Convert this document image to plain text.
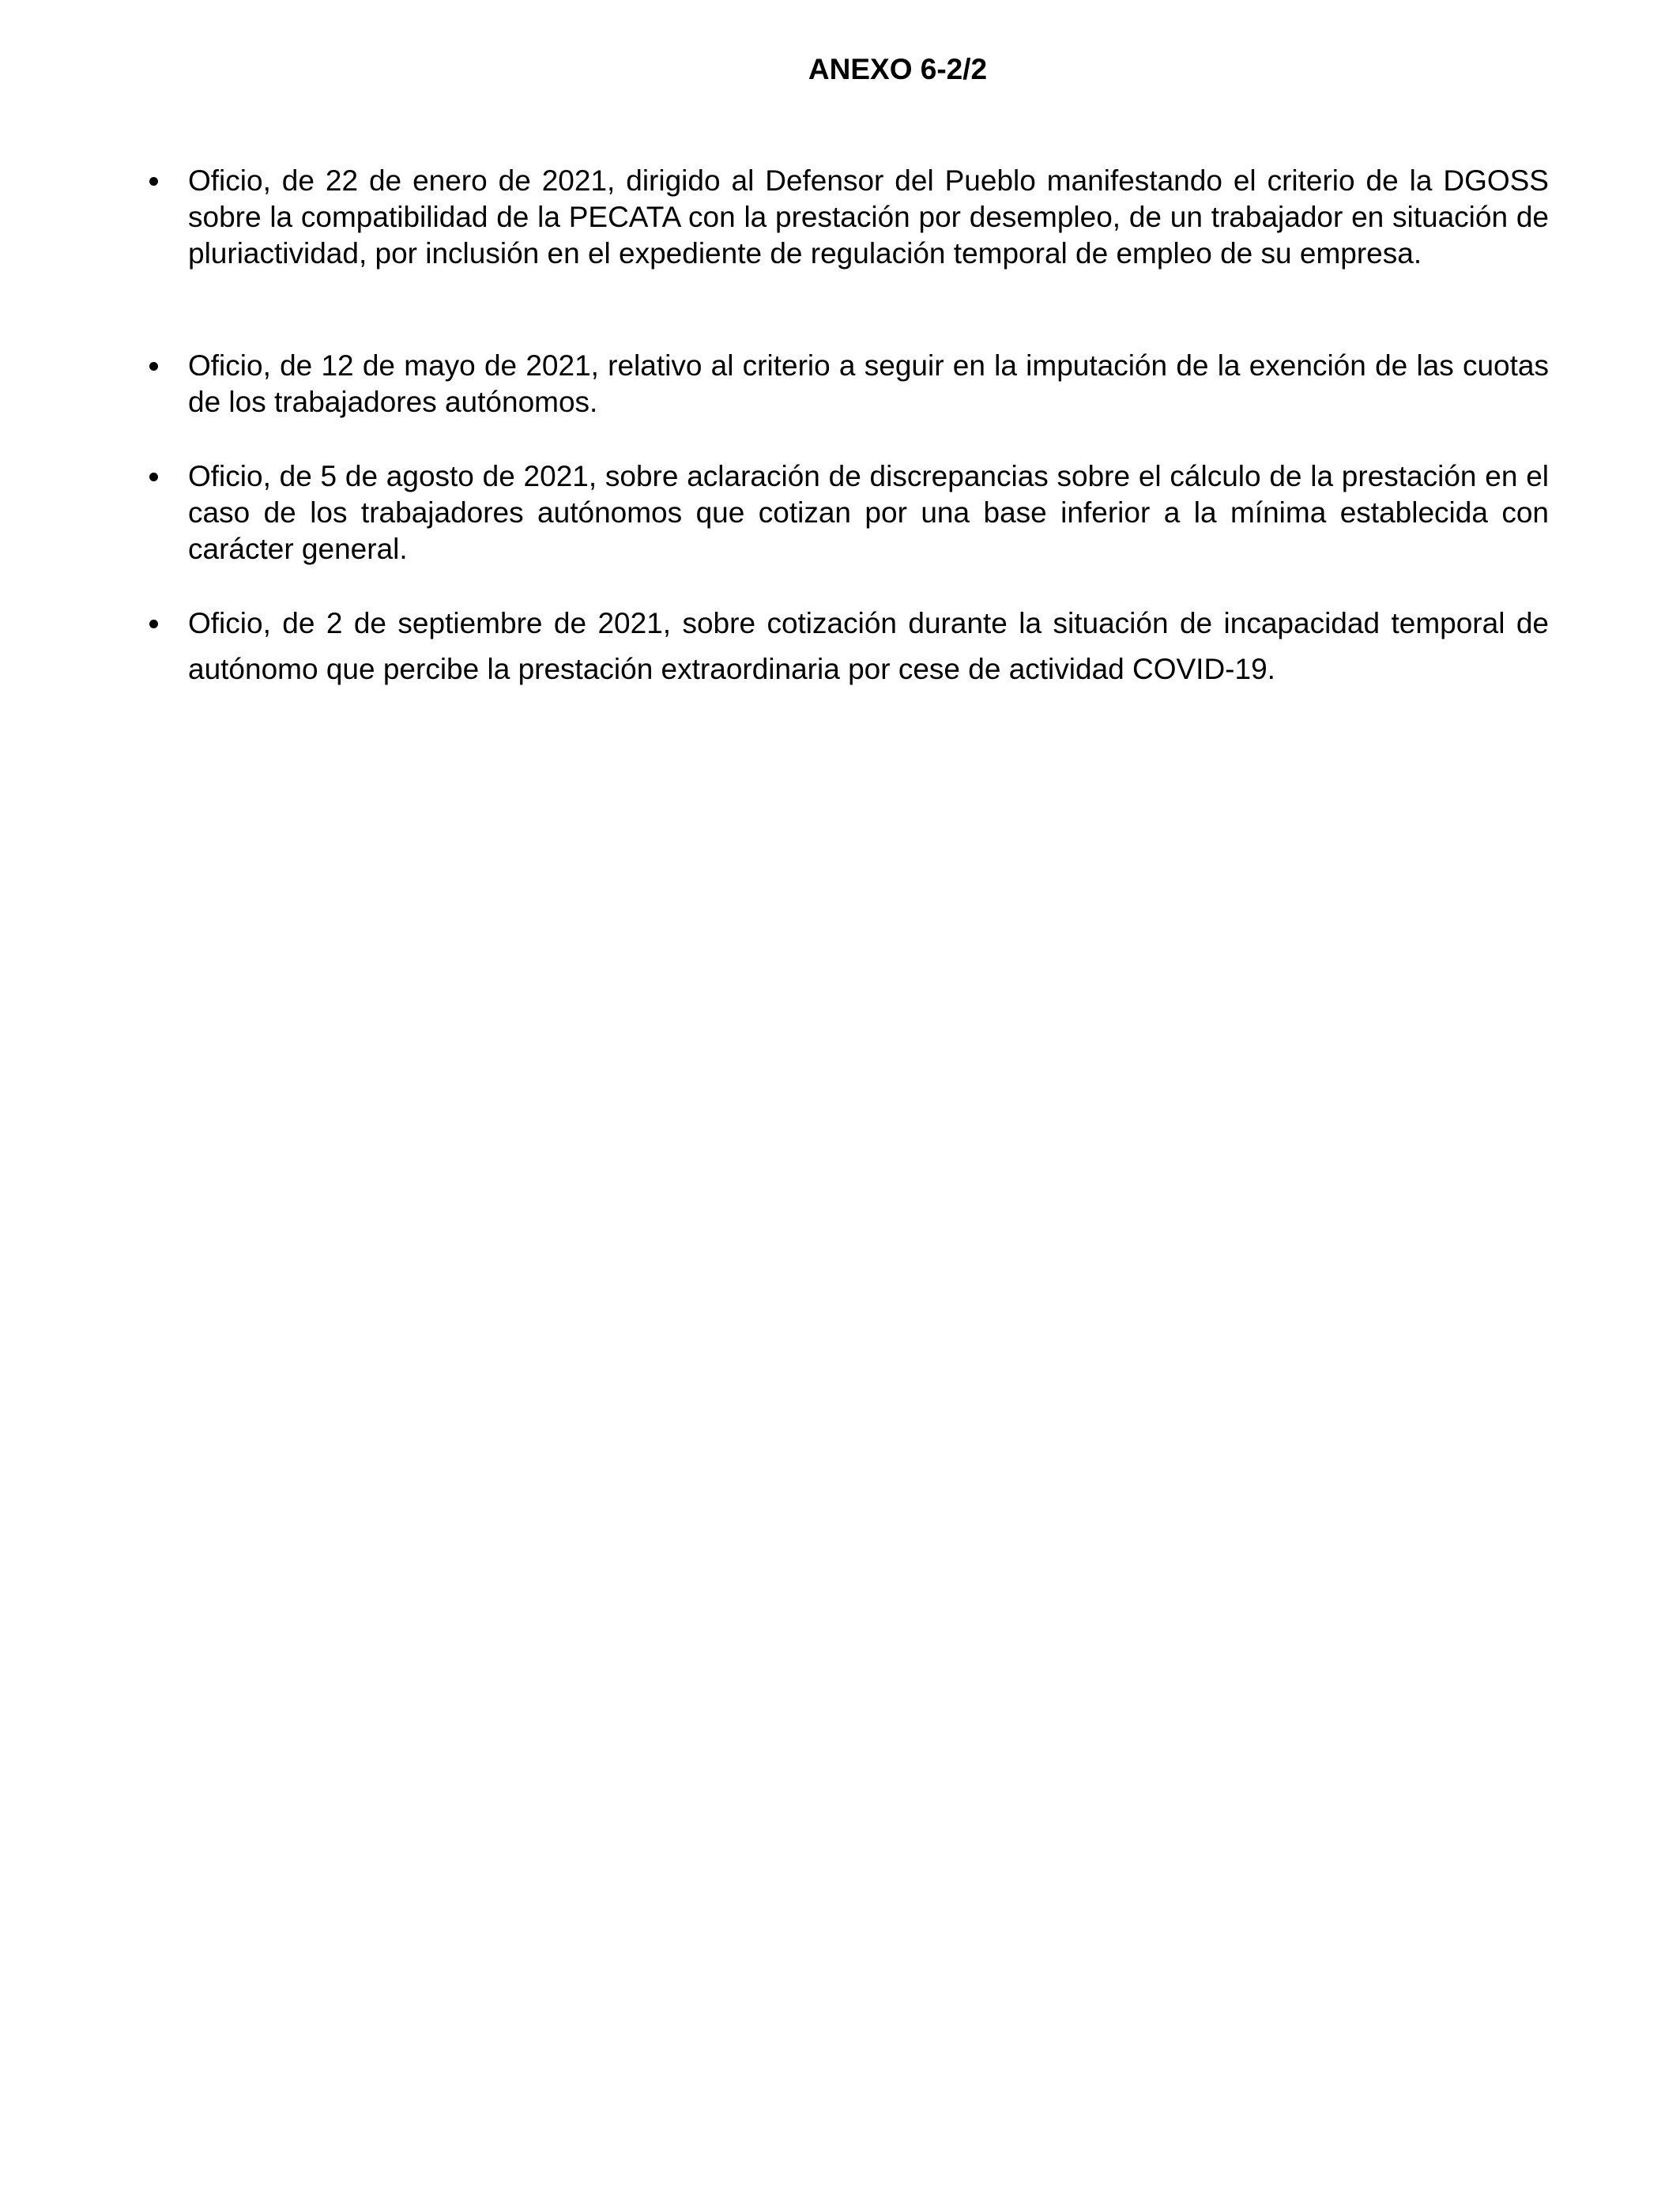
ANEXO 6-2/2
Oficio, de 22 de enero de 2021, dirigido al Defensor del Pueblo manifestando el criterio de la DGOSS sobre la compatibilidad de la PECATA con la prestación por desempleo, de un trabajador en situación de pluriactividad, por inclusión en el expediente de regulación temporal de empleo de su empresa.
Oficio, de 12 de mayo de 2021, relativo al criterio a seguir en la imputación de la exención de las cuotas de los trabajadores autónomos.
Oficio, de 5 de agosto de 2021, sobre aclaración de discrepancias sobre el cálculo de la prestación en el caso de los trabajadores autónomos que cotizan por una base inferior a la mínima establecida con carácter general.
Oficio, de 2 de septiembre de 2021, sobre cotización durante la situación de incapacidad temporal de autónomo que percibe la prestación extraordinaria por cese de actividad COVID-19.
